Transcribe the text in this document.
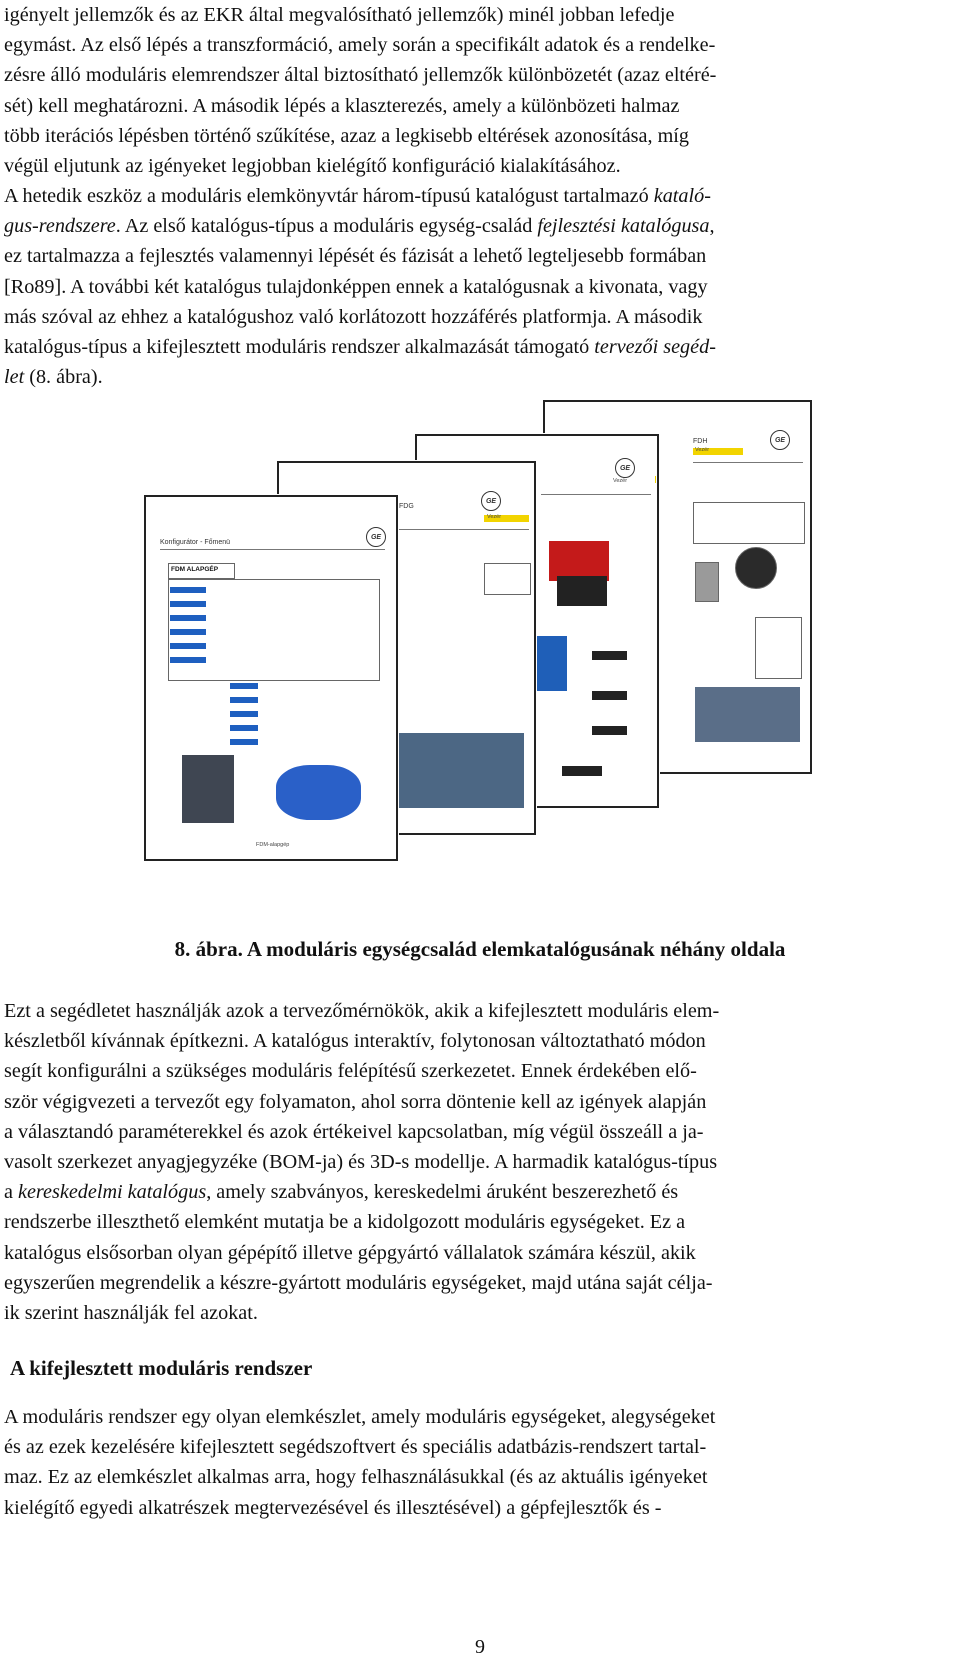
igényelt jellemzők és az EKR által megvalósítható jellemzők) minél jobban lefedje
egymást. Az első lépés a transzformáció, amely során a specifikált adatok és a rendelke-
zésre álló moduláris elemrendszer által biztosítható jellemzők különbözetét (azaz eltéré-
sét) kell meghatározni. A második lépés a klaszterezés, amely a különbözeti halmaz
több iterációs lépésben történő szűkítése, azaz a legkisebb eltérések azonosítása, míg
végül eljutunk az igényeket legjobban kielégítő konfiguráció kialakításához.

A hetedik eszköz a moduláris elemkönyvtár három-típusú katalógust tartalmazó kataló-
gus-rendszere. Az első katalógus-típus a moduláris egység-család fejlesztési katalógusa,
ez tartalmazza a fejlesztés valamennyi lépését és fázisát a lehető legteljesebb formában
[Ro89]. A további két katalógus tulajdonképpen ennek a katalógusnak a kivonata, vagy
más szóval az ehhez a katalógushoz való korlátozott hozzáférés platformja. A második
katalógus-típus a kifejlesztett moduláris rendszer alkalmazását támogató tervezői segéd-
let (8. ábra).

FDH
Vezér
GE
Vezér
GE
FDG
Vezér
GE
Konfigurátor - Főmenü
GE
FDM ALAPGÉP
FDM-alapgép
8. ábra. A moduláris egységcsalád elemkatalógusának néhány oldala

Ezt a segédletet használják azok a tervezőmérnökök, akik a kifejlesztett moduláris elem-
készletből kívánnak építkezni. A katalógus interaktív, folytonosan változtatható módon
segít konfigurálni a szükséges moduláris felépítésű szerkezetet. Ennek érdekében elő-
ször végigvezeti a tervezőt egy folyamaton, ahol sorra döntenie kell az igények alapján
a választandó paraméterekkel és azok értékeivel kapcsolatban, míg végül összeáll a ja-
vasolt szerkezet anyagjegyzéke (BOM-ja) és 3D-s modellje. A harmadik katalógus-típus
a kereskedelmi katalógus, amely szabványos, kereskedelmi áruként beszerezhető és
rendszerbe illeszthető elemként mutatja be a kidolgozott moduláris egységeket. Ez a
katalógus elsősorban olyan gépépítő illetve gépgyártó vállalatok számára készül, akik
egyszerűen megrendelik a készre-gyártott moduláris egységeket, majd utána saját célja-
ik szerint használják fel azokat.

A kifejlesztett moduláris rendszer

A moduláris rendszer egy olyan elemkészlet, amely moduláris egységeket, alegységeket
és az ezek kezelésére kifejlesztett segédszoftvert és speciális adatbázis-rendszert tartal-
maz. Ez az elemkészlet alkalmas arra, hogy felhasználásukkal (és az aktuális igényeket
kielégítő egyedi alkatrészek megtervezésével és illesztésével) a gépfejlesztők és -

9
